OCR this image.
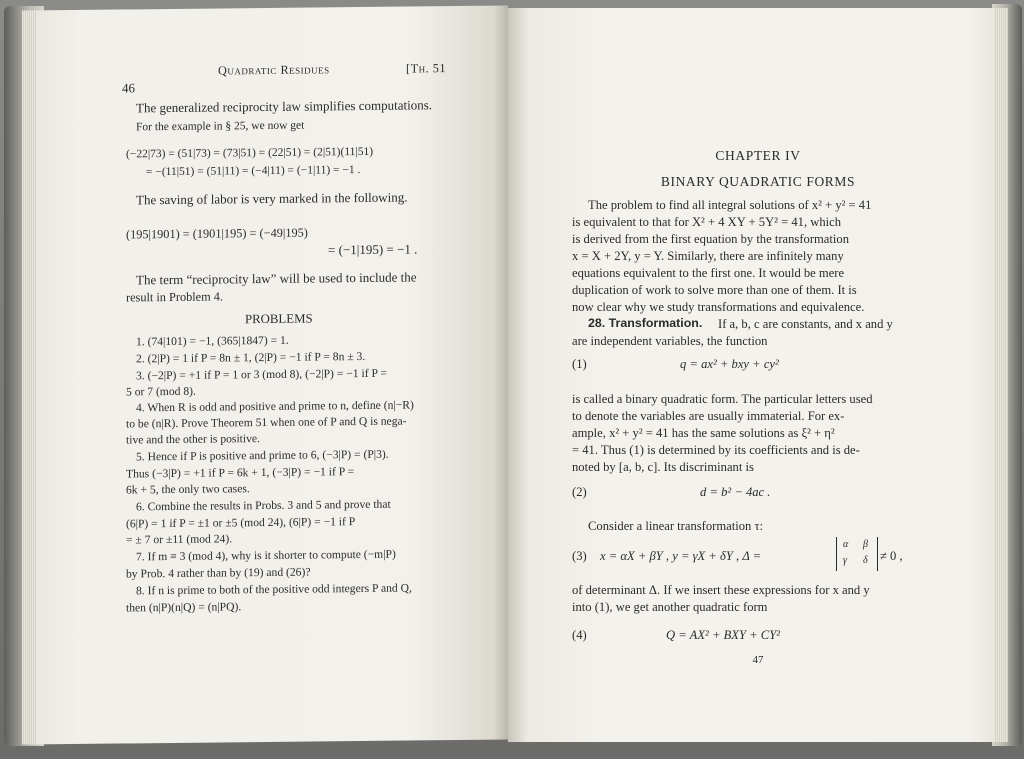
46
Quadratic Residues	[Th. 51
The generalized reciprocity law simplifies computations.
For the example in § 25, we now get
(−22|73) = (51|73) = (73|51) = (22|51) = (2|51)(11|51)
= −(11|51) = (51|11) = (−4|11) = (−1|11) = −1 .
The saving of labor is very marked in the following.
(195|1901) = (1901|195) = (−49|195)
= (−1|195) = −1 .
The term “reciprocity law” will be used to include the
result in Problem 4.
PROBLEMS
1. (74|101) = −1, (365|1847) = 1.
2. (2|P) = 1 if P = 8n ± 1, (2|P) = −1 if P = 8n ± 3.
3. (−2|P) = +1 if P = 1 or 3 (mod 8), (−2|P) = −1 if P =
5 or 7 (mod 8).
4. When R is odd and positive and prime to n, define (n|−R)
to be (n|R). Prove Theorem 51 when one of P and Q is nega-
tive and the other is positive.
5. Hence if P is positive and prime to 6, (−3|P) = (P|3).
Thus (−3|P) = +1 if P = 6k + 1, (−3|P) = −1 if P =
6k + 5, the only two cases.
6. Combine the results in Probs. 3 and 5 and prove that
(6|P) = 1 if P = ±1 or ±5 (mod 24), (6|P) = −1 if P
= ± 7 or ±11 (mod 24).
7. If m ≡ 3 (mod 4), why is it shorter to compute (−m|P)
by Prob. 4 rather than by (19) and (26)?
8. If n is prime to both of the positive odd integers P and Q,
then (n|P)(n|Q) = (n|PQ).
CHAPTER IV
BINARY QUADRATIC FORMS
The problem to find all integral solutions of x² + y² = 41
is equivalent to that for X² + 4 XY + 5Y² = 41, which
is derived from the first equation by the transformation
x = X + 2Y, y = Y. Similarly, there are infinitely many
equations equivalent to the first one. It would be mere
duplication of work to solve more than one of them. It is
now clear why we study transformations and equivalence.
28. Transformation. If a, b, c are constants, and x and y
are independent variables, the function
(1)	q = ax² + bxy + cy²
is called a binary quadratic form. The particular letters used
to denote the variables are usually immaterial. For ex-
ample, x² + y² = 41 has the same solutions as ξ² + η²
= 41. Thus (1) is determined by its coefficients and is de-
noted by [a, b, c]. Its discriminant is
(2)	d = b² − 4ac .
Consider a linear transformation τ:
(3) x = αX + βY , y = γX + δY , Δ =
α β
γ δ ≠ 0 ,
of determinant Δ. If we insert these expressions for x and y
into (1), we get another quadratic form
(4)	Q = AX² + BXY + CY²
47
